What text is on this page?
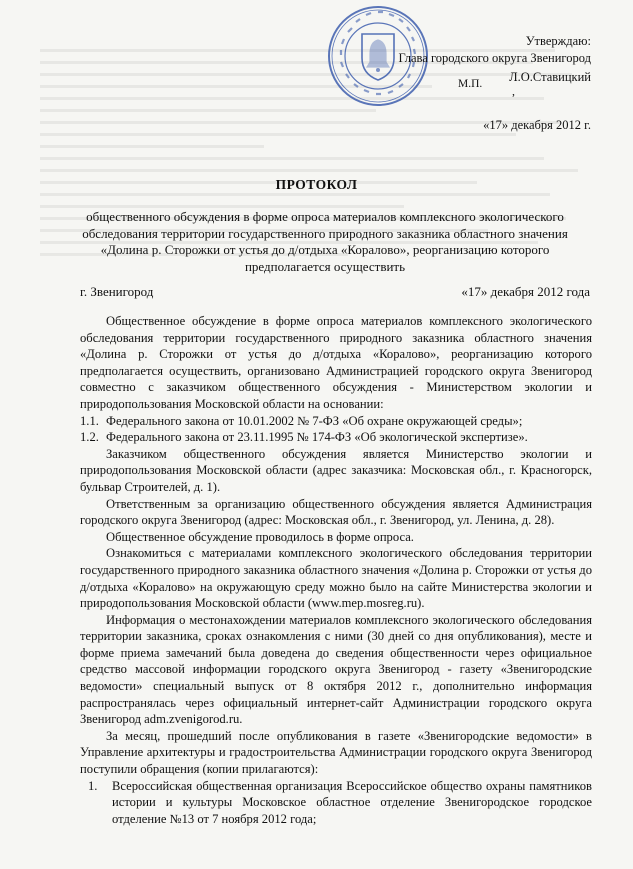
Утверждаю:
Глава городского округа Звенигород
Л.О.Ставицкий
М.П. ,
«17» декабря 2012 г.
ПРОТОКОЛ
общественного обсуждения в форме опроса материалов комплексного экологического обследования территории государственного природного заказника областного значения «Долина р. Сторожки от устья до д/отдыха «Коралово», реорганизацию которого предполагается осуществить
г. Звенигород	«17» декабря 2012 года

Общественное обсуждение в форме опроса материалов комплексного экологического обследования территории государственного природного заказника областного значения «Долина р. Сторожки от устья до д/отдыха «Коралово», реорганизацию которого предполагается осуществить, организовано Администрацией городского округа Звенигород совместно с заказчиком общественного обсуждения - Министерством экологии и природопользования Московской области на основании:

1.1. Федерального закона от 10.01.2002 № 7-ФЗ «Об охране окружающей среды»;
1.2. Федерального закона от 23.11.1995 № 174-ФЗ «Об экологической экспертизе».

Заказчиком общественного обсуждения является Министерство экологии и природопользования Московской области (адрес заказчика: Московская обл., г. Красногорск, бульвар Строителей, д. 1).

Ответственным за организацию общественного обсуждения является Администрация городского округа Звенигород (адрес: Московская обл., г. Звенигород, ул. Ленина, д. 28).

Общественное обсуждение проводилось в форме опроса.

Ознакомиться с материалами комплексного экологического обследования территории государственного природного заказника областного значения «Долина р. Сторожки от устья до д/отдыха «Коралово» на окружающую среду можно было на сайте Министерства экологии и природопользования Московской области (www.mep.mosreg.ru).

Информация о местонахождении материалов комплексного экологического обследования территории заказника, сроках ознакомления с ними (30 дней со дня опубликования), месте и форме приема замечаний была доведена до сведения общественности через официальное средство массовой информации городского округа Звенигород - газету «Звенигородские ведомости» специальный выпуск от 8 октября 2012 г., дополнительно информация распространялась через официальный интернет-сайт Администрации городского округа Звенигород adm.zvenigorod.ru.

За месяц, прошедший после опубликования в газете «Звенигородские ведомости» в Управление архитектуры и градостроительства Администрации городского округа Звенигород поступили обращения (копии прилагаются):

1.	Всероссийская общественная организация Всероссийское общество охраны памятников истории и культуры Московское областное отделение Звенигородское городское отделение №13 от 7 ноября 2012 года;
